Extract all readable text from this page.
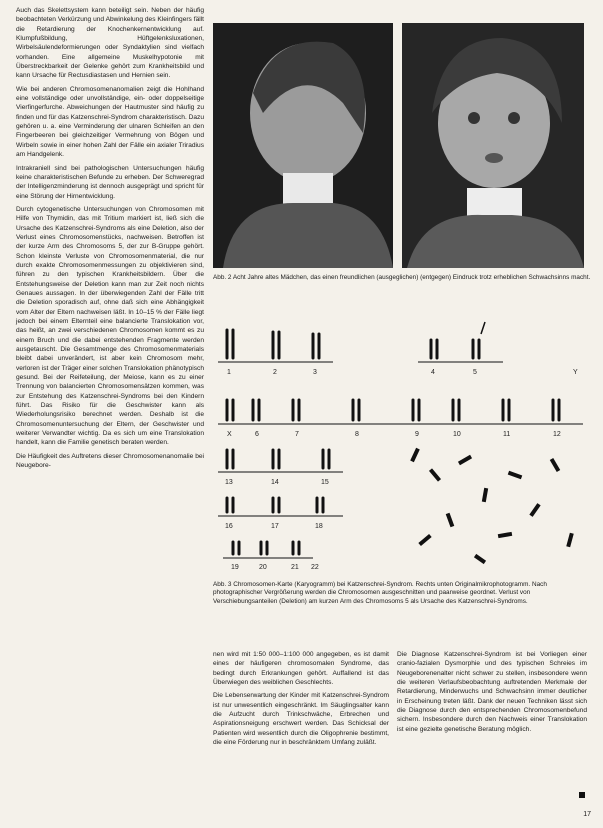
Auch das Skelettsystem kann beteiligt sein. Neben der häufig beobachteten Verkürzung und Abwinkelung des Kleinfingers fällt die Retardierung der Knochenkernentwicklung auf. Klumpfußbildung, Hüftgelenksluxationen, Wirbelsäulendeformierungen oder Syndaktylien sind vielfach vorhanden. Eine allgemeine Muskelhypotonie mit Überstreckbarkeit der Gelenke gehört zum Krankheitsbild und kann Ursache für Rectusdiastasen und Hernien sein.

Wie bei anderen Chromosomenanomalien zeigt die Hohlhand eine vollständige oder unvollständige, ein- oder doppelseitige Vierfingerfurche. Abweichungen der Hautmuster sind häufig zu finden und für das Katzenschrei-Syndrom charakteristisch. Dazu gehören u. a. eine Verminderung der ulnaren Schleifen an den Fingerbeeren bei gleichzeitiger Vermehrung von Bögen und Wirbeln sowie in einer hohen Zahl der Fälle ein axialer Triradius am Handgelenk.

Intrakraniell sind bei pathologischen Untersuchungen häufig keine charakteristischen Befunde zu erheben. Der Schweregrad der Intelligenzminderung ist dennoch ausgeprägt und spricht für eine Störung der Hirnentwicklung.

Durch cytogenetische Untersuchungen von Chromosomen mit Hilfe von Thymidin, das mit Tritium markiert ist, ließ sich die Ursache des Katzenschrei-Syndroms als eine Deletion, also der Verlust eines Chromosomenstücks, nachweisen. Betroffen ist der kurze Arm des Chromosoms 5, der zur B-Gruppe gehört. Schon kleinste Verluste von Chromosomenmaterial, die nur durch exakte Chromosomenmessungen zu objektivieren sind, führen zu den typischen Krankheitsbildern. Über die Entstehungsweise der Deletion kann man zur Zeit noch nichts Genaues aussagen. In der überwiegenden Zahl der Fälle tritt die Deletion sporadisch auf, ohne daß sich eine Abhängigkeit vom Alter der Eltern nachweisen läßt. In 10–15 % der Fälle liegt jedoch bei einem Elternteil eine balancierte Translokation vor, das heißt, an zwei verschiedenen Chromosomen kommt es zu einem Bruch und die dabei entstehenden Fragmente werden ausgetauscht. Die Gesamtmenge des Chromosomenmaterials bleibt dabei unverändert, ist aber kein Chromosom mehr, verloren ist der Träger einer solchen Translokation phänotypisch gesund. Bei der Reifeteilung, der Meiose, kann es zu einer Trennung von balancierten Chromosomensätzen kommen, was zur Entstehung des Katzenschrei-Syndroms bei den Kindern führt. Das Risiko für die Geschwister kann als Wiederholungsrisiko berechnet werden. Deshalb ist die Chromosomenuntersuchung der Eltern, der Geschwister und weiterer Verwandter wichtig. Da es sich um eine Translokation handelt, kann die Familie genetisch beraten werden.

Die Häufigkeit des Auftretens dieser Chromosomenanomalie bei Neugebore-

Abb. 2 Acht Jahre altes Mädchen, das einen freundlichen (ausgeglichen) (entgegen) Eindruck trotz erheblichen Schwachsinns macht.
1	2	3	4	5
X	6	7	8	9	10	11	12
13	14	15
16	17	18
19	20	21 22
Y
Abb. 3 Chromosomen-Karte (Karyogramm) bei Katzenschrei-Syndrom. Rechts unten Originalmikrophotogramm. Nach photographischer Vergrößerung werden die Chromosomen ausgeschnitten und paarweise geordnet. Verlust von Verschiebungsanteilen (Deletion) am kurzen Arm des Chromosoms 5 als Ursache des Katzenschrei-Syndroms.

nen wird mit 1:50 000–1:100 000 angegeben, es ist damit eines der häufigeren chromosomalen Syndrome, das bedingt durch Erkrankungen gehört. Auffallend ist das Überwiegen des weiblichen Geschlechts.

Die Lebenserwartung der Kinder mit Katzenschrei-Syndrom ist nur unwesentlich eingeschränkt. Im Säuglingsalter kann die Aufzucht durch Trinkschwäche, Erbrechen und Aspirationsneigung erschwert werden. Das Schicksal der Patienten wird wesentlich durch die Oligophrenie bestimmt, die eine Förderung nur in beschränktem Umfang zuläßt.

Die Diagnose Katzenschrei-Syndrom ist bei Vorliegen einer cranio-fazialen Dysmorphie und des typischen Schreies im Neugeborenenalter nicht schwer zu stellen, insbesondere wenn die weiteren Verlaufsbeobachtung auftretenden Merkmale der Retardierung, Minderwuchs und Schwachsinn immer deutlicher in Erscheinung treten läßt. Dank der neuen Techniken lässt sich die Diagnose durch den entsprechenden Chromosomenbefund sichern. Insbesondere durch den Nachweis einer Translokation ist eine gezielte genetische Beratung möglich.

17
